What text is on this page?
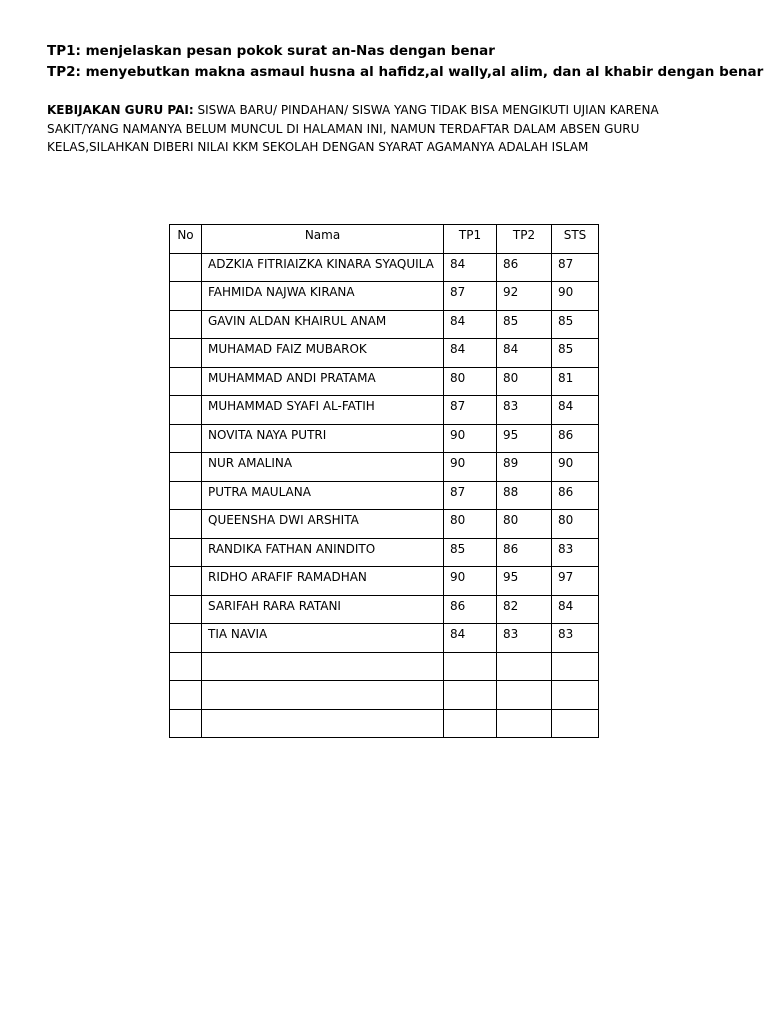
TP1: menjelaskan pesan pokok surat an-Nas dengan benar
TP2: menyebutkan makna asmaul husna al hafidz,al wally,al alim, dan al khabir dengan benar
KEBIJAKAN GURU PAI: SISWA BARU/ PINDAHAN/ SISWA YANG TIDAK BISA MENGIKUTI UJIAN KARENA SAKIT/YANG NAMANYA BELUM MUNCUL DI HALAMAN INI, NAMUN TERDAFTAR DALAM ABSEN GURU KELAS,SILAHKAN DIBERI NILAI KKM SEKOLAH DENGAN SYARAT AGAMANYA ADALAH ISLAM
No	Nama	TP1	TP2	STS
	ADZKIA FITRIAIZKA KINARA SYAQUILA	84	86	87
	FAHMIDA NAJWA KIRANA	87	92	90
	GAVIN ALDAN KHAIRUL ANAM	84	85	85
	MUHAMAD FAIZ MUBAROK	84	84	85
	MUHAMMAD ANDI PRATAMA	80	80	81
	MUHAMMAD SYAFI AL-FATIH	87	83	84
	NOVITA NAYA PUTRI	90	95	86
	NUR AMALINA	90	89	90
	PUTRA MAULANA	87	88	86
	QUEENSHA DWI ARSHITA	80	80	80
	RANDIKA FATHAN ANINDITO	85	86	83
	RIDHO ARAFIF RAMADHAN	90	95	97
	SARIFAH RARA RATANI	86	82	84
	TIA NAVIA	84	83	83
